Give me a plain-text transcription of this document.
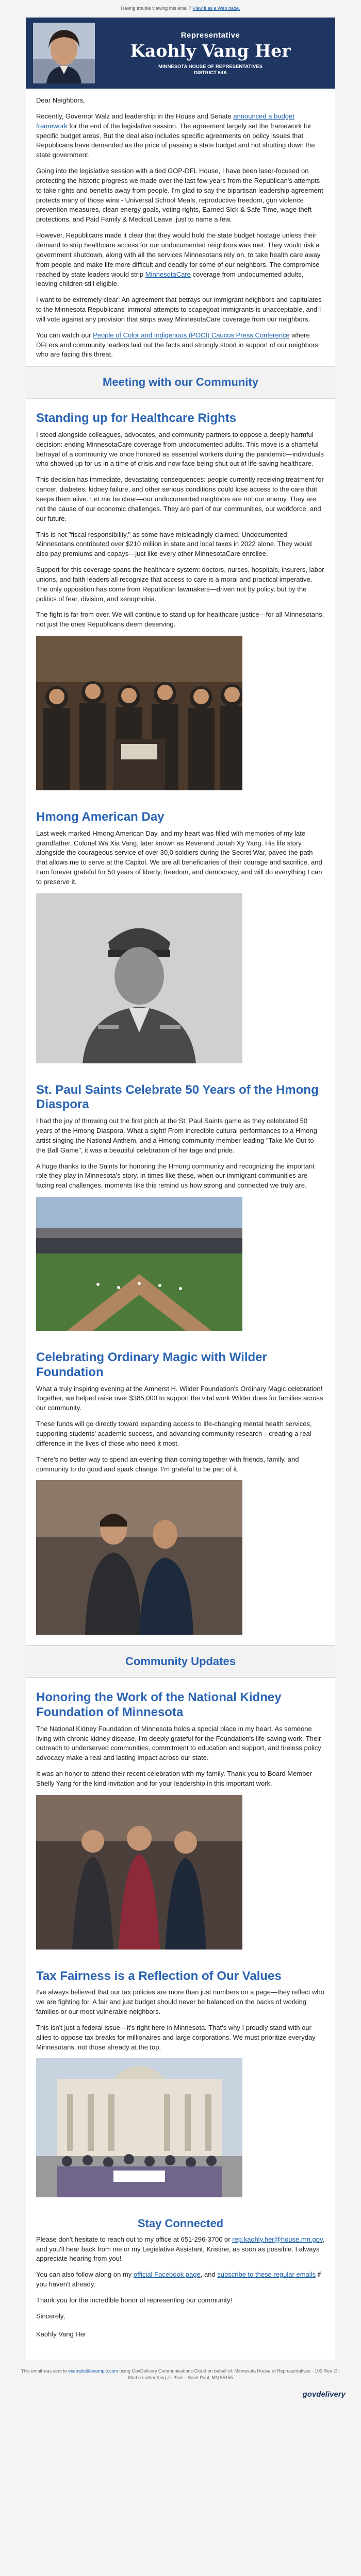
Having trouble viewing this email? View it as a Web page.
Representative
Kaohly Vang Her
MINNESOTA HOUSE OF REPRESENTATIVES
DISTRICT 64A

Dear Neighbors,

Recently, Governor Walz and leadership in the House and Senate announced a budget framework for the end of the legislative session. The agreement largely set the framework for specific budget areas. But the deal also includes specific agreements on policy issues that Republicans have demanded as the price of passing a state budget and not shutting down the state government.

Going into the legislative session with a tied GOP-DFL House, I have been laser-focused on protecting the historic progress we made over the last few years from the Republican's attempts to take rights and benefits away from people. I'm glad to say the bipartisan leadership agreement protects many of those wins - Universal School Meals, reproductive freedom, gun violence prevention measures, clean energy goals, voting rights, Earned Sick & Safe Time, wage theft protections, and Paid Family & Medical Leave, just to name a few.

However, Republicans made it clear that they would hold the state budget hostage unless their demand to strip healthcare access for our undocumented neighbors was met. They would risk a government shutdown, along with all the services Minnesotans rely on, to take health care away from people and make life more difficult and deadly for some of our neighbors. The compromise reached by state leaders would strip MinnesotaCare coverage from undocumented adults, leaving children still eligible.

I want to be extremely clear: An agreement that betrays our immigrant neighbors and capitulates to the Minnesota Republicans' immoral attempts to scapegoat immigrants is unacceptable, and I will vote against any provision that strips away MinnesotaCare coverage from our neighbors.

You can watch our People of Color and Indigenous (POCI) Caucus Press Conference where DFLers and community leaders laid out the facts and strongly stood in support of our neighbors who are facing this threat.

Meeting with our Community
Standing up for Healthcare Rights

I stood alongside colleagues, advocates, and community partners to oppose a deeply harmful decision: ending MinnesotaCare coverage from undocumented adults. This move is a shameful betrayal of a community we once honored as essential workers during the pandemic—individuals who showed up for us in a time of crisis and now face being shut out of life-saving healthcare.

This decision has immediate, devastating consequences: people currently receiving treatment for cancer, diabetes, kidney failure, and other serious conditions could lose access to the care that keeps them alive. Let me be clear—our undocumented neighbors are not our enemy. They are not the cause of our economic challenges. They are part of our communities, our workforce, and our future.

This is not "fiscal responsibility," as some have misleadingly claimed. Undocumented Minnesotans contributed over $210 million in state and local taxes in 2022 alone. They would also pay premiums and copays—just like every other MinnesotaCare enrollee.

Support for this coverage spans the healthcare system: doctors, nurses, hospitals, insurers, labor unions, and faith leaders all recognize that access to care is a moral and practical imperative. The only opposition has come from Republican lawmakers—driven not by policy, but by the politics of fear, division, and xenophobia.

The fight is far from over. We will continue to stand up for healthcare justice—for all Minnesotans, not just the ones Republicans deem deserving.

Hmong American Day

Last week marked Hmong American Day, and my heart was filled with memories of my late grandfather, Colonel Wa Xia Vang, later known as Reverend Jonah Xy Yang. His life story, alongside the courageous service of over 30,0 soldiers during the Secret War, paved the path that allows me to serve at the Capitol. We are all beneficiaries of their courage and sacrifice, and I am forever grateful for 50 years of liberty, freedom, and democracy, and will do everything I can to preserve it.

St. Paul Saints Celebrate 50 Years of the Hmong Diaspora

I had the joy of throwing out the first pitch at the St. Paul Saints game as they celebrated 50 years of the Hmong Diaspora. What a sight! From incredible cultural performances to a Hmong artist singing the National Anthem, and a Hmong community member leading "Take Me Out to the Ball Game", it was a beautiful celebration of heritage and pride.

A huge thanks to the Saints for honoring the Hmong community and recognizing the important role they play in Minnesota's story. In times like these, when our immigrant communities are facing real challenges, moments like this remind us how strong and connected we truly are.

Celebrating Ordinary Magic with Wilder Foundation

What a truly inspiring evening at the Amherst H. Wilder Foundation's Ordinary Magic celebration! Together, we helped raise over $385,000 to support the vital work Wilder does for families across our community.

These funds will go directly toward expanding access to life-changing mental health services, supporting students' academic success, and advancing community research—creating a real difference in the lives of those who need it most.

There's no better way to spend an evening than coming together with friends, family, and community to do good and spark change. I'm grateful to be part of it.

Community Updates
Honoring the Work of the National Kidney Foundation of Minnesota

The National Kidney Foundation of Minnesota holds a special place in my heart. As someone living with chronic kidney disease, I'm deeply grateful for the Foundation's life-saving work. Their outreach to underserved communities, commitment to education and support, and tireless policy advocacy make a real and lasting impact across our state.

It was an honor to attend their recent celebration with my family. Thank you to Board Member Shelly Yang for the kind invitation and for your leadership in this important work.

Tax Fairness is a Reflection of Our Values

I've always believed that our tax policies are more than just numbers on a page—they reflect who we are fighting for. A fair and just budget should never be balanced on the backs of working families or our most vulnerable neighbors.

This isn't just a federal issue—it's right here in Minnesota. That's why I proudly stand with our allies to oppose tax breaks for millionaires and large corporations. We must prioritize everyday Minnesotans, not those already at the top.

Stay Connected

Please don't hesitate to reach out to my office at 651-296-3700 or rep.kaohly.her@house.mn.gov, and you'll hear back from me or my Legislative Assistant, Kristine, as soon as possible. I always appreciate hearing from you!

You can also follow along on my official Facebook page, and subscribe to these regular emails if you haven't already.

Thank you for the incredible honor of representing our community!

Sincerely,

Kaohly Vang Her

This email was sent to example@example.com using GovDelivery Communications Cloud on behalf of: Minnesota House of Representatives - 100 Rev. Dr. Martin Luther King Jr. Blvd. - Saint Paul, MN 55155
govdelivery
